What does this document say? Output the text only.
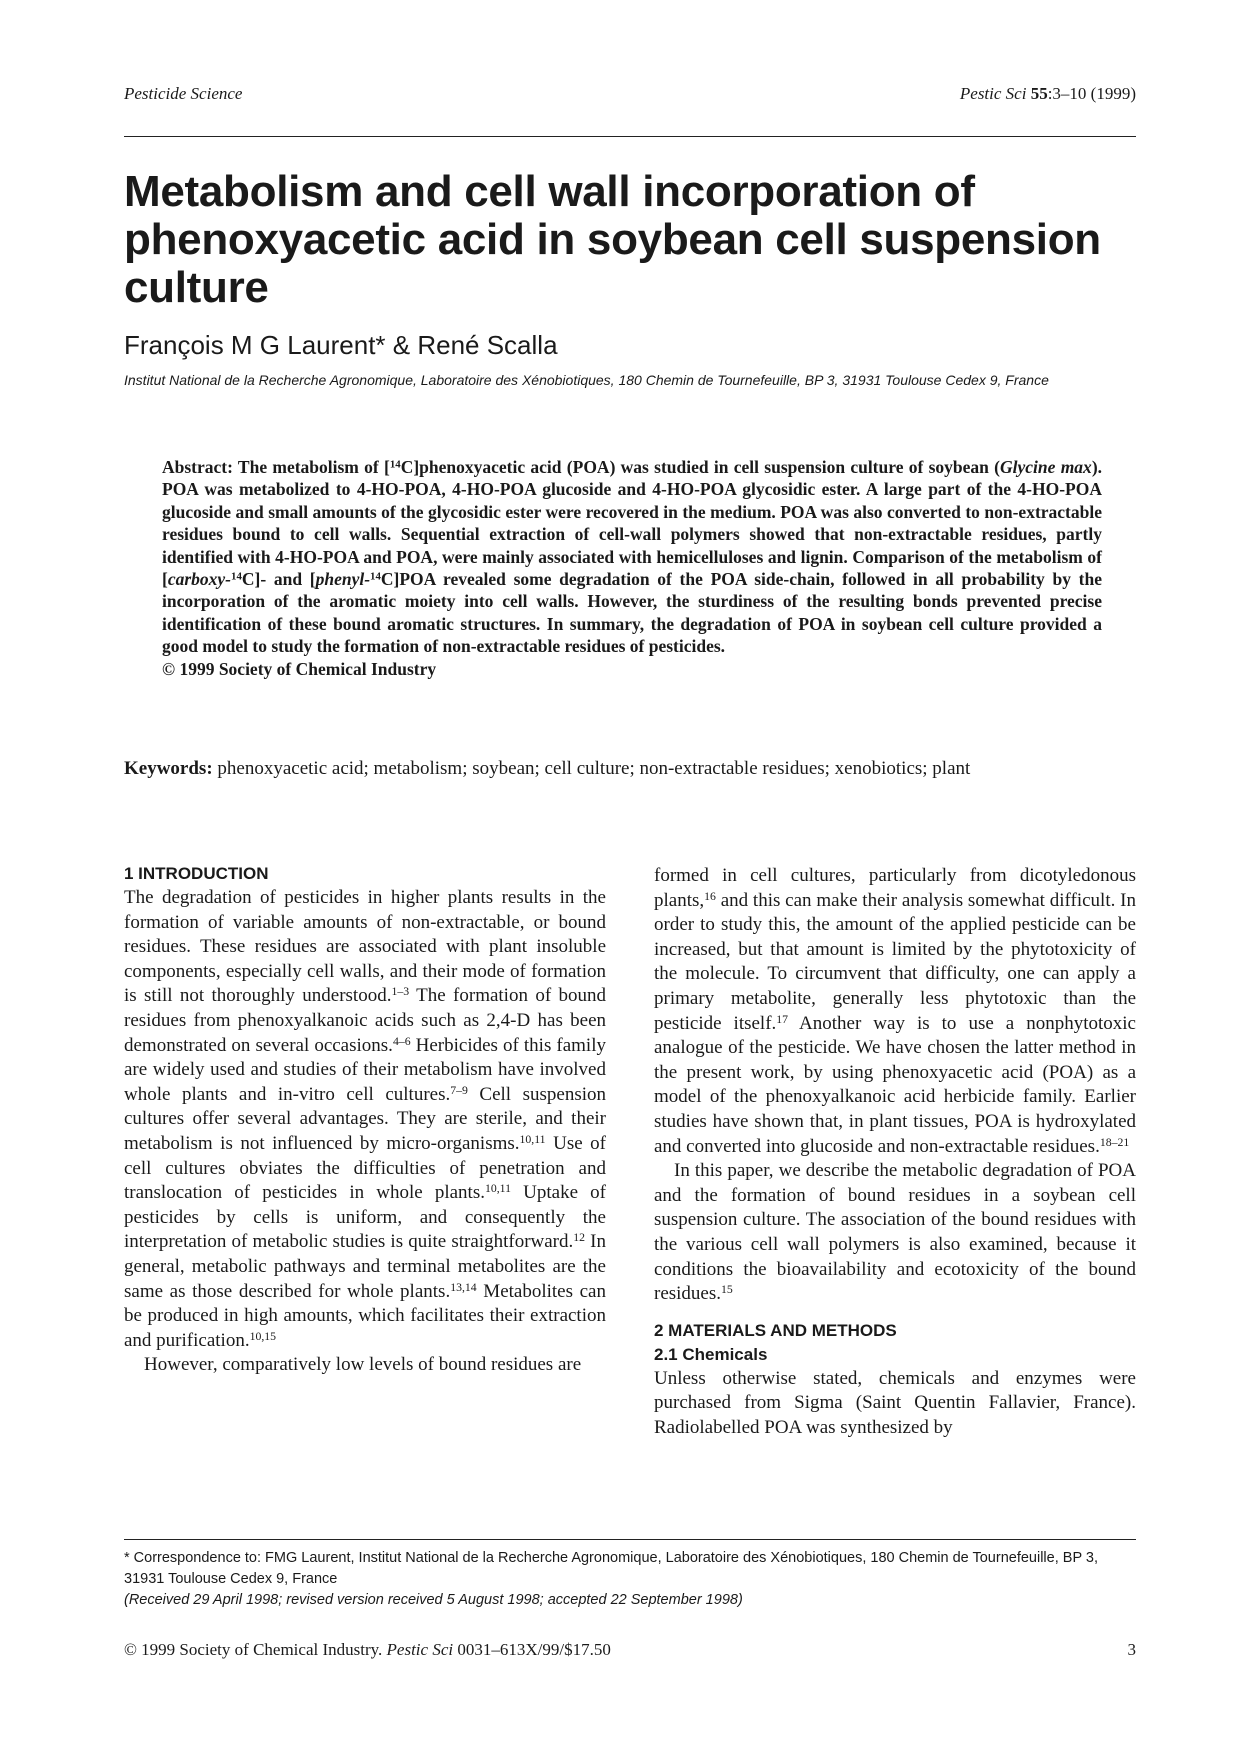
Pesticide Science	Pestic Sci 55:3–10 (1999)
Metabolism and cell wall incorporation of phenoxyacetic acid in soybean cell suspension culture
François M G Laurent* & René Scalla
Institut National de la Recherche Agronomique, Laboratoire des Xénobiotiques, 180 Chemin de Tournefeuille, BP 3, 31931 Toulouse Cedex 9, France
Abstract: The metabolism of [$^{14}$C]phenoxyacetic acid (POA) was studied in cell suspension culture of soybean (Glycine max). POA was metabolized to 4-HO-POA, 4-HO-POA glucoside and 4-HO-POA glycosidic ester. A large part of the 4-HO-POA glucoside and small amounts of the glycosidic ester were recovered in the medium. POA was also converted to non-extractable residues bound to cell walls. Sequential extraction of cell-wall polymers showed that non-extractable residues, partly identified with 4-HO-POA and POA, were mainly associated with hemicelluloses and lignin. Comparison of the metabolism of [carboxy-$^{14}$C]- and [phenyl-$^{14}$C]POA revealed some degradation of the POA side-chain, followed in all probability by the incorporation of the aromatic moiety into cell walls. However, the sturdiness of the resulting bonds prevented precise identification of these bound aromatic structures. In summary, the degradation of POA in soybean cell culture provided a good model to study the formation of non-extractable residues of pesticides.
© 1999 Society of Chemical Industry
Keywords: phenoxyacetic acid; metabolism; soybean; cell culture; non-extractable residues; xenobiotics; plant
1 INTRODUCTION

The degradation of pesticides in higher plants results in the formation of variable amounts of non-extractable, or bound residues. These residues are associated with plant insoluble components, especially cell walls, and their mode of formation is still not thoroughly understood.$^{1-3}$ The formation of bound residues from phenoxyalkanoic acids such as 2,4-D has been demonstrated on several occasions.$^{4-6}$ Herbicides of this family are widely used and studies of their metabolism have involved whole plants and in-vitro cell cultures.$^{7-9}$ Cell suspension cultures offer several advantages. They are sterile, and their metabolism is not influenced by micro-organisms.$^{10,11}$ Use of cell cultures obviates the difficulties of penetration and translocation of pesticides in whole plants.$^{10,11}$ Uptake of pesticides by cells is uniform, and consequently the interpretation of metabolic studies is quite straightforward.$^{12}$ In general, metabolic pathways and terminal metabolites are the same as those described for whole plants.$^{13,14}$ Metabolites can be produced in high amounts, which facilitates their extraction and purification.$^{10,15}$

However, comparatively low levels of bound residues are

formed in cell cultures, particularly from dicotyledonous plants,$^{16}$ and this can make their analysis somewhat difficult. In order to study this, the amount of the applied pesticide can be increased, but that amount is limited by the phytotoxicity of the molecule. To circumvent that difficulty, one can apply a primary metabolite, generally less phytotoxic than the pesticide itself.$^{17}$ Another way is to use a nonphytotoxic analogue of the pesticide. We have chosen the latter method in the present work, by using phenoxyacetic acid (POA) as a model of the phenoxyalkanoic acid herbicide family. Earlier studies have shown that, in plant tissues, POA is hydroxylated and converted into glucoside and non-extractable residues.$^{18-21}$

In this paper, we describe the metabolic degradation of POA and the formation of bound residues in a soybean cell suspension culture. The association of the bound residues with the various cell wall polymers is also examined, because it conditions the bioavailability and ecotoxicity of the bound residues.$^{15}$

2 MATERIALS AND METHODS
2.1 Chemicals

Unless otherwise stated, chemicals and enzymes were purchased from Sigma (Saint Quentin Fallavier, France). Radiolabelled POA was synthesized by

* Correspondence to: FMG Laurent, Institut National de la Recherche Agronomique, Laboratoire des Xénobiotiques, 180 Chemin de Tournefeuille, BP 3, 31931 Toulouse Cedex 9, France
(Received 29 April 1998; revised version received 5 August 1998; accepted 22 September 1998)
© 1999 Society of Chemical Industry. Pestic Sci 0031–613X/99/$17.50	3
